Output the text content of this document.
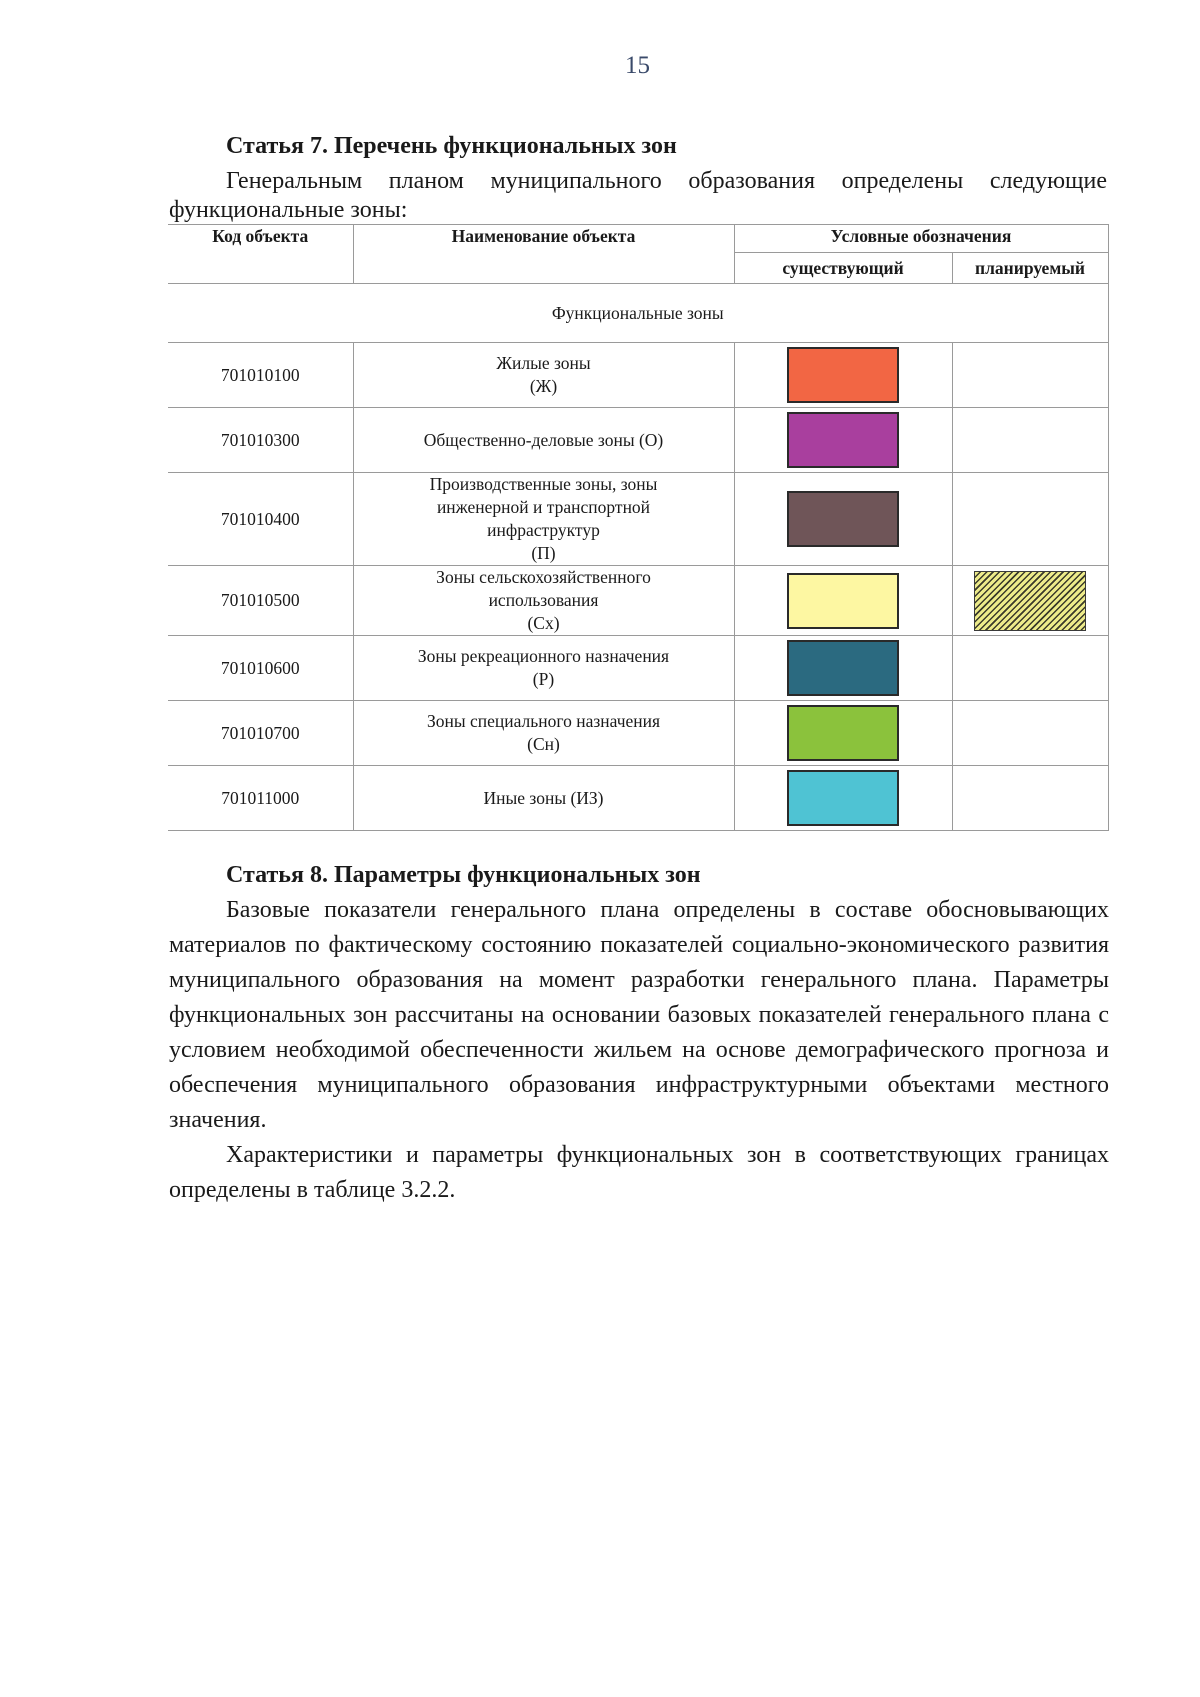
15
Статья 7. Перечень функциональных зон

Генеральным планом муниципального образования определены следующие функциональные зоны:

Код объекта	Наименование объекта	Условные обозначения	
		существующий	планируемый
Функциональные зоны			
701010100	Жилые зоны
(Ж)		

701010300	Общественно-деловые зоны (О)		

701010400	Производственные зоны, зоны
инженерной и транспортной
инфраструктур
(П)		

701010500	Зоны сельскохозяйственного
использования
(Сх)		

701010600	Зоны рекреационного назначения
(Р)		

701010700	Зоны специального назначения
(Сн)		

701011000	Иные зоны (ИЗ)		

Базовые показатели генерального плана определены в составе обосновывающих материалов по фактическому состоянию показателей социально-экономического развития муниципального образования на момент разработки генерального плана. Параметры функциональных зон рассчитаны на основании базовых показателей генерального плана с условием необходимой обеспеченности жильем на основе демографического прогноза и обеспечения муниципального образования инфраструктурными объектами местного значения.

Характеристики и параметры функциональных зон в соответствующих границах определены в таблице 3.2.2.

Статья 8. Параметры функциональных зон
